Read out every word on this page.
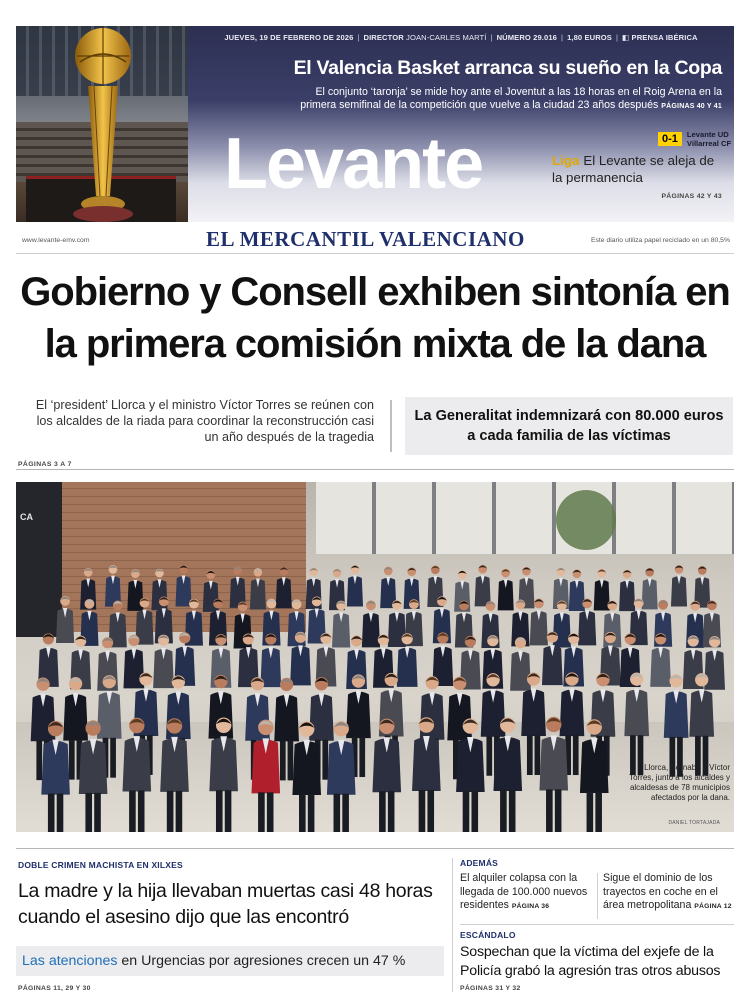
JUEVES, 19 DE FEBRERO DE 2026 | DIRECTOR JOAN-CARLES MARTÍ | NÚMERO 29.016 | 1,80 EUROS | ◧ PRENSA IBÉRICA
El Valencia Basket arranca su sueño en la Copa
El conjunto ‘taronja’ se mide hoy ante el Joventut a las 18 horas en el Roig Arena en la primera semifinal de la competición que vuelve a la ciudad 23 años después PÁGINAS 40 Y 41
Levante	0-1	Levante UD
Villarreal CF
Liga El Levante se aleja de la permanencia
PÁGINAS 42 Y 43
www.levante-emv.com	EL MERCANTIL VALENCIANO	Este diario utiliza papel reciclado en un 80,5%
Gobierno y Consell exhiben sintonía en
la primera comisión mixta de la dana

El ‘president’ Llorca y el ministro Víctor Torres se reúnen con los alcaldes de la riada para coordinar la reconstrucción casi un año después de la tragedia

La Generalitat indemnizará con 80.000 euros a cada familia de las víctimas
PÁGINAS 3 A 7
CA
Llorca, Bernabé y Víctor Torres, junto a los alcaldes y alcaldesas de 78 municipios afectados por la dana.
DANIEL TORTAJADA
DOBLE CRIMEN MACHISTA EN XILXES
La madre y la hija llevaban muertas casi 48 horas cuando el asesino dijo que las encontró
Las atenciones en Urgencias por agresiones crecen un 47 %
PÁGINAS 11, 29 Y 30
ADEMÁS
El alquiler colapsa con la llegada de 100.000 nuevos residentes PÁGINA 36
Sigue el dominio de los trayectos en coche en el área metropolitana PÁGINA 12
ESCÁNDALO
Sospechan que la víctima del exjefe de la Policía grabó la agresión tras otros abusos
PÁGINAS 31 Y 32
